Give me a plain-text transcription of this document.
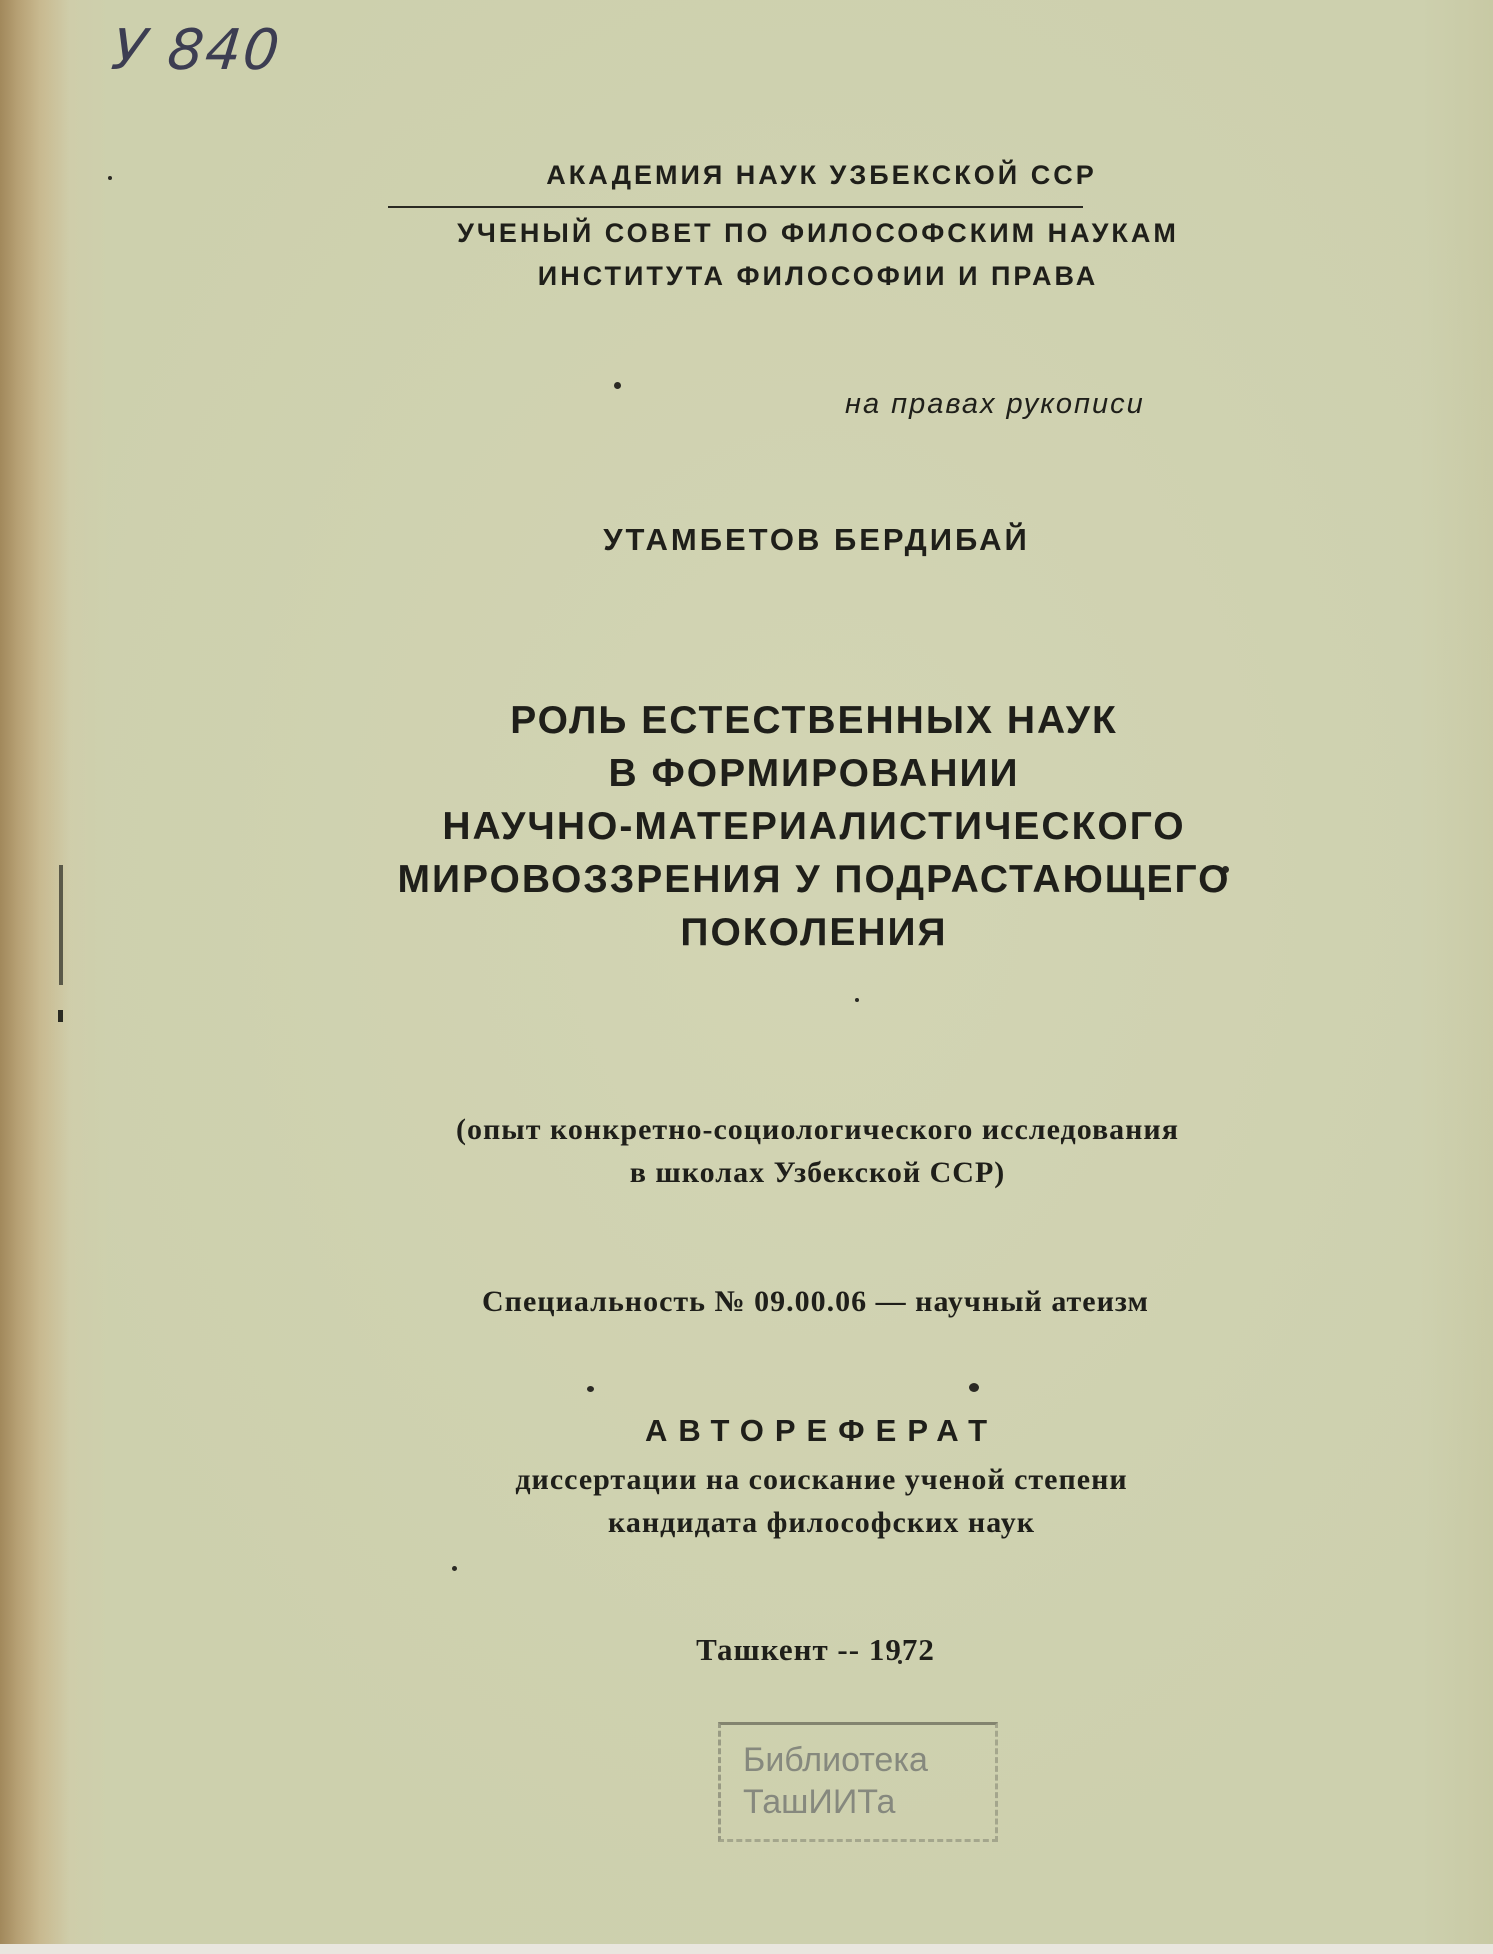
У 840
АКАДЕМИЯ НАУК УЗБЕКСКОЙ ССР
УЧЕНЫЙ СОВЕТ ПО ФИЛОСОФСКИМ НАУКАМ
ИНСТИТУТА ФИЛОСОФИИ И ПРАВА
на правах рукописи
УТАМБЕТОВ БЕРДИБАЙ
РОЛЬ ЕСТЕСТВЕННЫХ НАУК
В ФОРМИРОВАНИИ
НАУЧНО-МАТЕРИАЛИСТИЧЕСКОГО
МИРОВОЗЗРЕНИЯ У ПОДРАСТАЮЩЕГО
ПОКОЛЕНИЯ
(опыт конкретно-социологического исследования
в школах Узбекской ССР)
Специальность № 09.00.06 — научный атеизм
АВТОРЕФЕРАТ
диссертации на соискание ученой степени
кандидата философских наук
Ташкент -- 1972
Библиотека
ТашИИТа
